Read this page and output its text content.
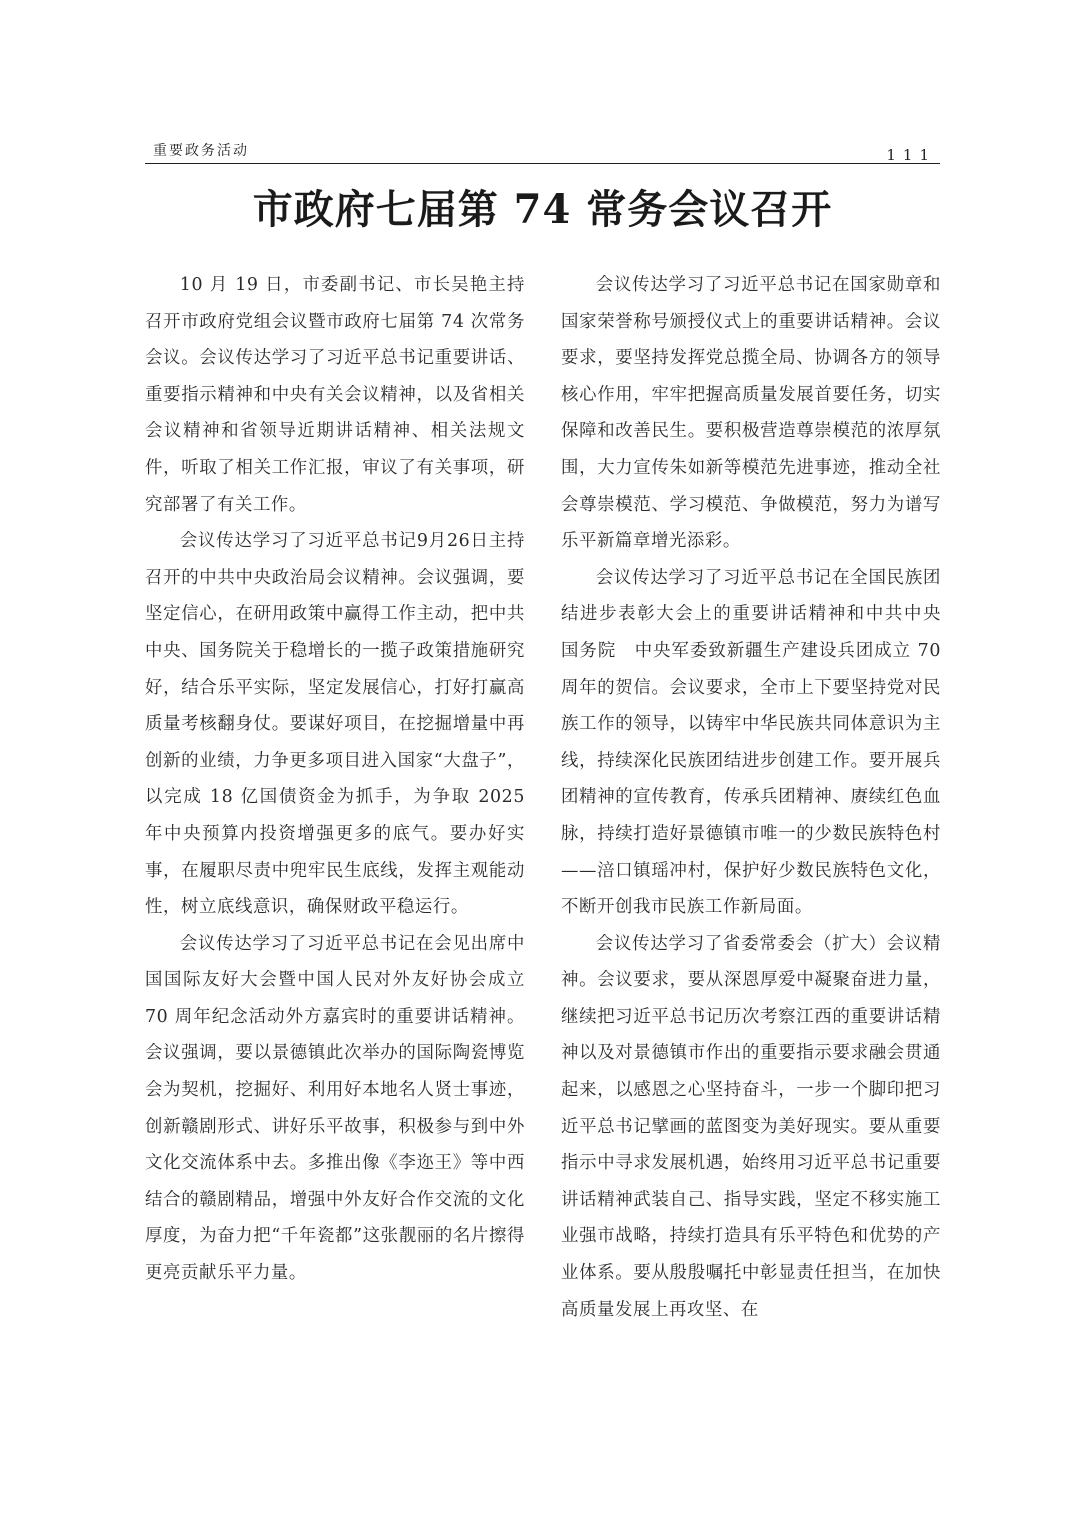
重要政务活动	111
市政府七届第 74 常务会议召开

10 月 19 日，市委副书记、市长吴艳主持召开市政府党组会议暨市政府七届第 74 次常务会议。会议传达学习了习近平总书记重要讲话、重要指示精神和中央有关会议精神，以及省相关会议精神和省领导近期讲话精神、相关法规文件，听取了相关工作汇报，审议了有关事项，研究部署了有关工作。

会议传达学习了习近平总书记9月26日主持召开的中共中央政治局会议精神。会议强调，要坚定信心，在研用政策中赢得工作主动，把中共中央、国务院关于稳增长的一揽子政策措施研究好，结合乐平实际，坚定发展信心，打好打赢高质量考核翻身仗。要谋好项目，在挖掘增量中再创新的业绩，力争更多项目进入国家“大盘子”，以完成 18 亿国债资金为抓手，为争取 2025 年中央预算内投资增强更多的底气。要办好实事，在履职尽责中兜牢民生底线，发挥主观能动性，树立底线意识，确保财政平稳运行。

会议传达学习了习近平总书记在会见出席中国国际友好大会暨中国人民对外友好协会成立 70 周年纪念活动外方嘉宾时的重要讲话精神。会议强调，要以景德镇此次举办的国际陶瓷博览会为契机，挖掘好、利用好本地名人贤士事迹，创新赣剧形式、讲好乐平故事，积极参与到中外文化交流体系中去。多推出像《李迩王》等中西结合的赣剧精品，增强中外友好合作交流的文化厚度，为奋力把“千年瓷都”这张靓丽的名片擦得更亮贡献乐平力量。

会议传达学习了习近平总书记在国家勋章和国家荣誉称号颁授仪式上的重要讲话精神。会议要求，要坚持发挥党总揽全局、协调各方的领导核心作用，牢牢把握高质量发展首要任务，切实保障和改善民生。要积极营造尊崇模范的浓厚氛围，大力宣传朱如新等模范先进事迹，推动全社会尊崇模范、学习模范、争做模范，努力为谱写乐平新篇章增光添彩。

会议传达学习了习近平总书记在全国民族团结进步表彰大会上的重要讲话精神和中共中央　国务院　中央军委致新疆生产建设兵团成立 70 周年的贺信。会议要求，全市上下要坚持党对民族工作的领导，以铸牢中华民族共同体意识为主线，持续深化民族团结进步创建工作。要开展兵团精神的宣传教育，传承兵团精神、赓续红色血脉，持续打造好景德镇市唯一的少数民族特色村——涪口镇瑶冲村，保护好少数民族特色文化，不断开创我市民族工作新局面。

会议传达学习了省委常委会（扩大）会议精神。会议要求，要从深恩厚爱中凝聚奋进力量，继续把习近平总书记历次考察江西的重要讲话精神以及对景德镇市作出的重要指示要求融会贯通起来，以感恩之心坚持奋斗，一步一个脚印把习近平总书记擘画的蓝图变为美好现实。要从重要指示中寻求发展机遇，始终用习近平总书记重要讲话精神武装自己、指导实践，坚定不移实施工业强市战略，持续打造具有乐平特色和优势的产业体系。要从殷殷嘱托中彰显责任担当，在加快高质量发展上再攻坚、在
